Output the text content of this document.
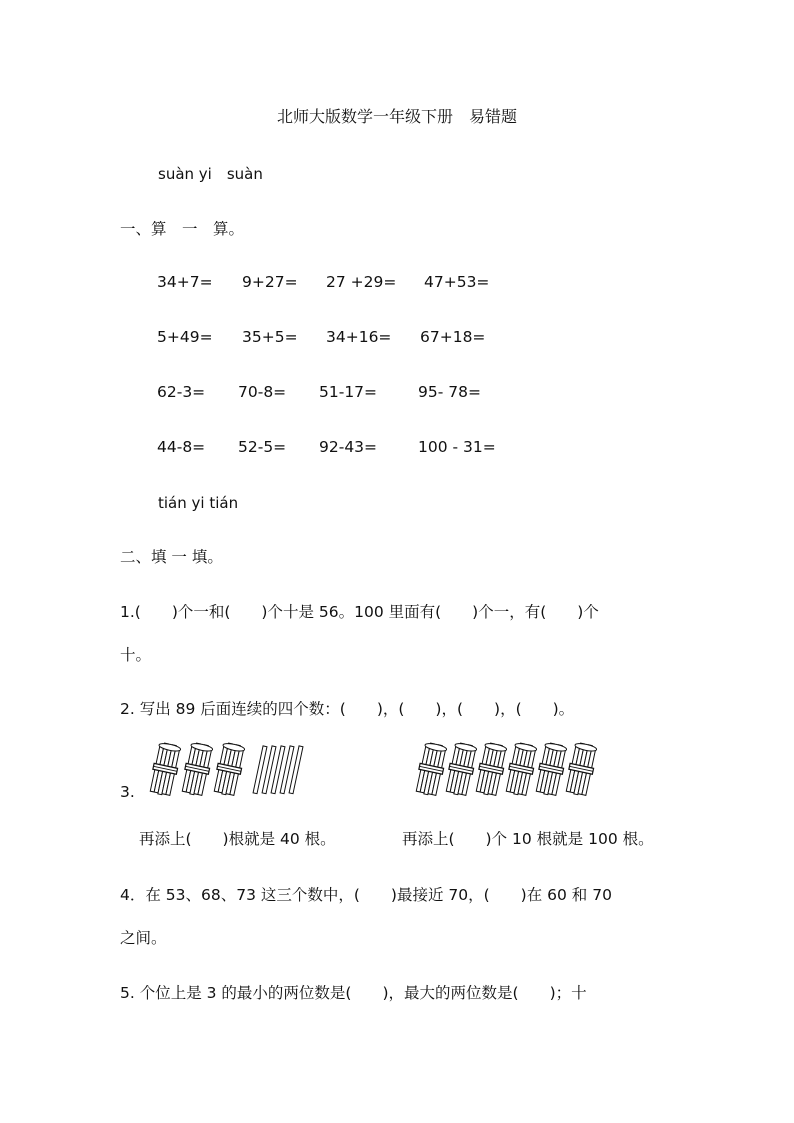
北师大版数学一年级下册　易错题
suàn yi　suàn
一、算　一　算。
34+7= 9+27= 27 +29= 47+53=
5+49= 35+5= 34+16= 67+18=
62-3= 70-8= 51-17=	95- 78=
44-8= 52-5= 92-43=	100 - 31=
tián yi tián
二、填 一 填。
1.(　　)个一和(　　)个十是 56。100 里面有(　　)个一，有(　　)个
十。
2. 写出 89 后面连续的四个数：(　　)，(　　)，(　　)，(　　)。
3.
再添上(　　)根就是 40 根。	再添上(　　)个 10 根就是 100 根。
4．在 53、68、73 这三个数中，(　　)最接近 70，(　　)在 60 和 70
之间。
5. 个位上是 3 的最小的两位数是(　　)，最大的两位数是(　　)；十
